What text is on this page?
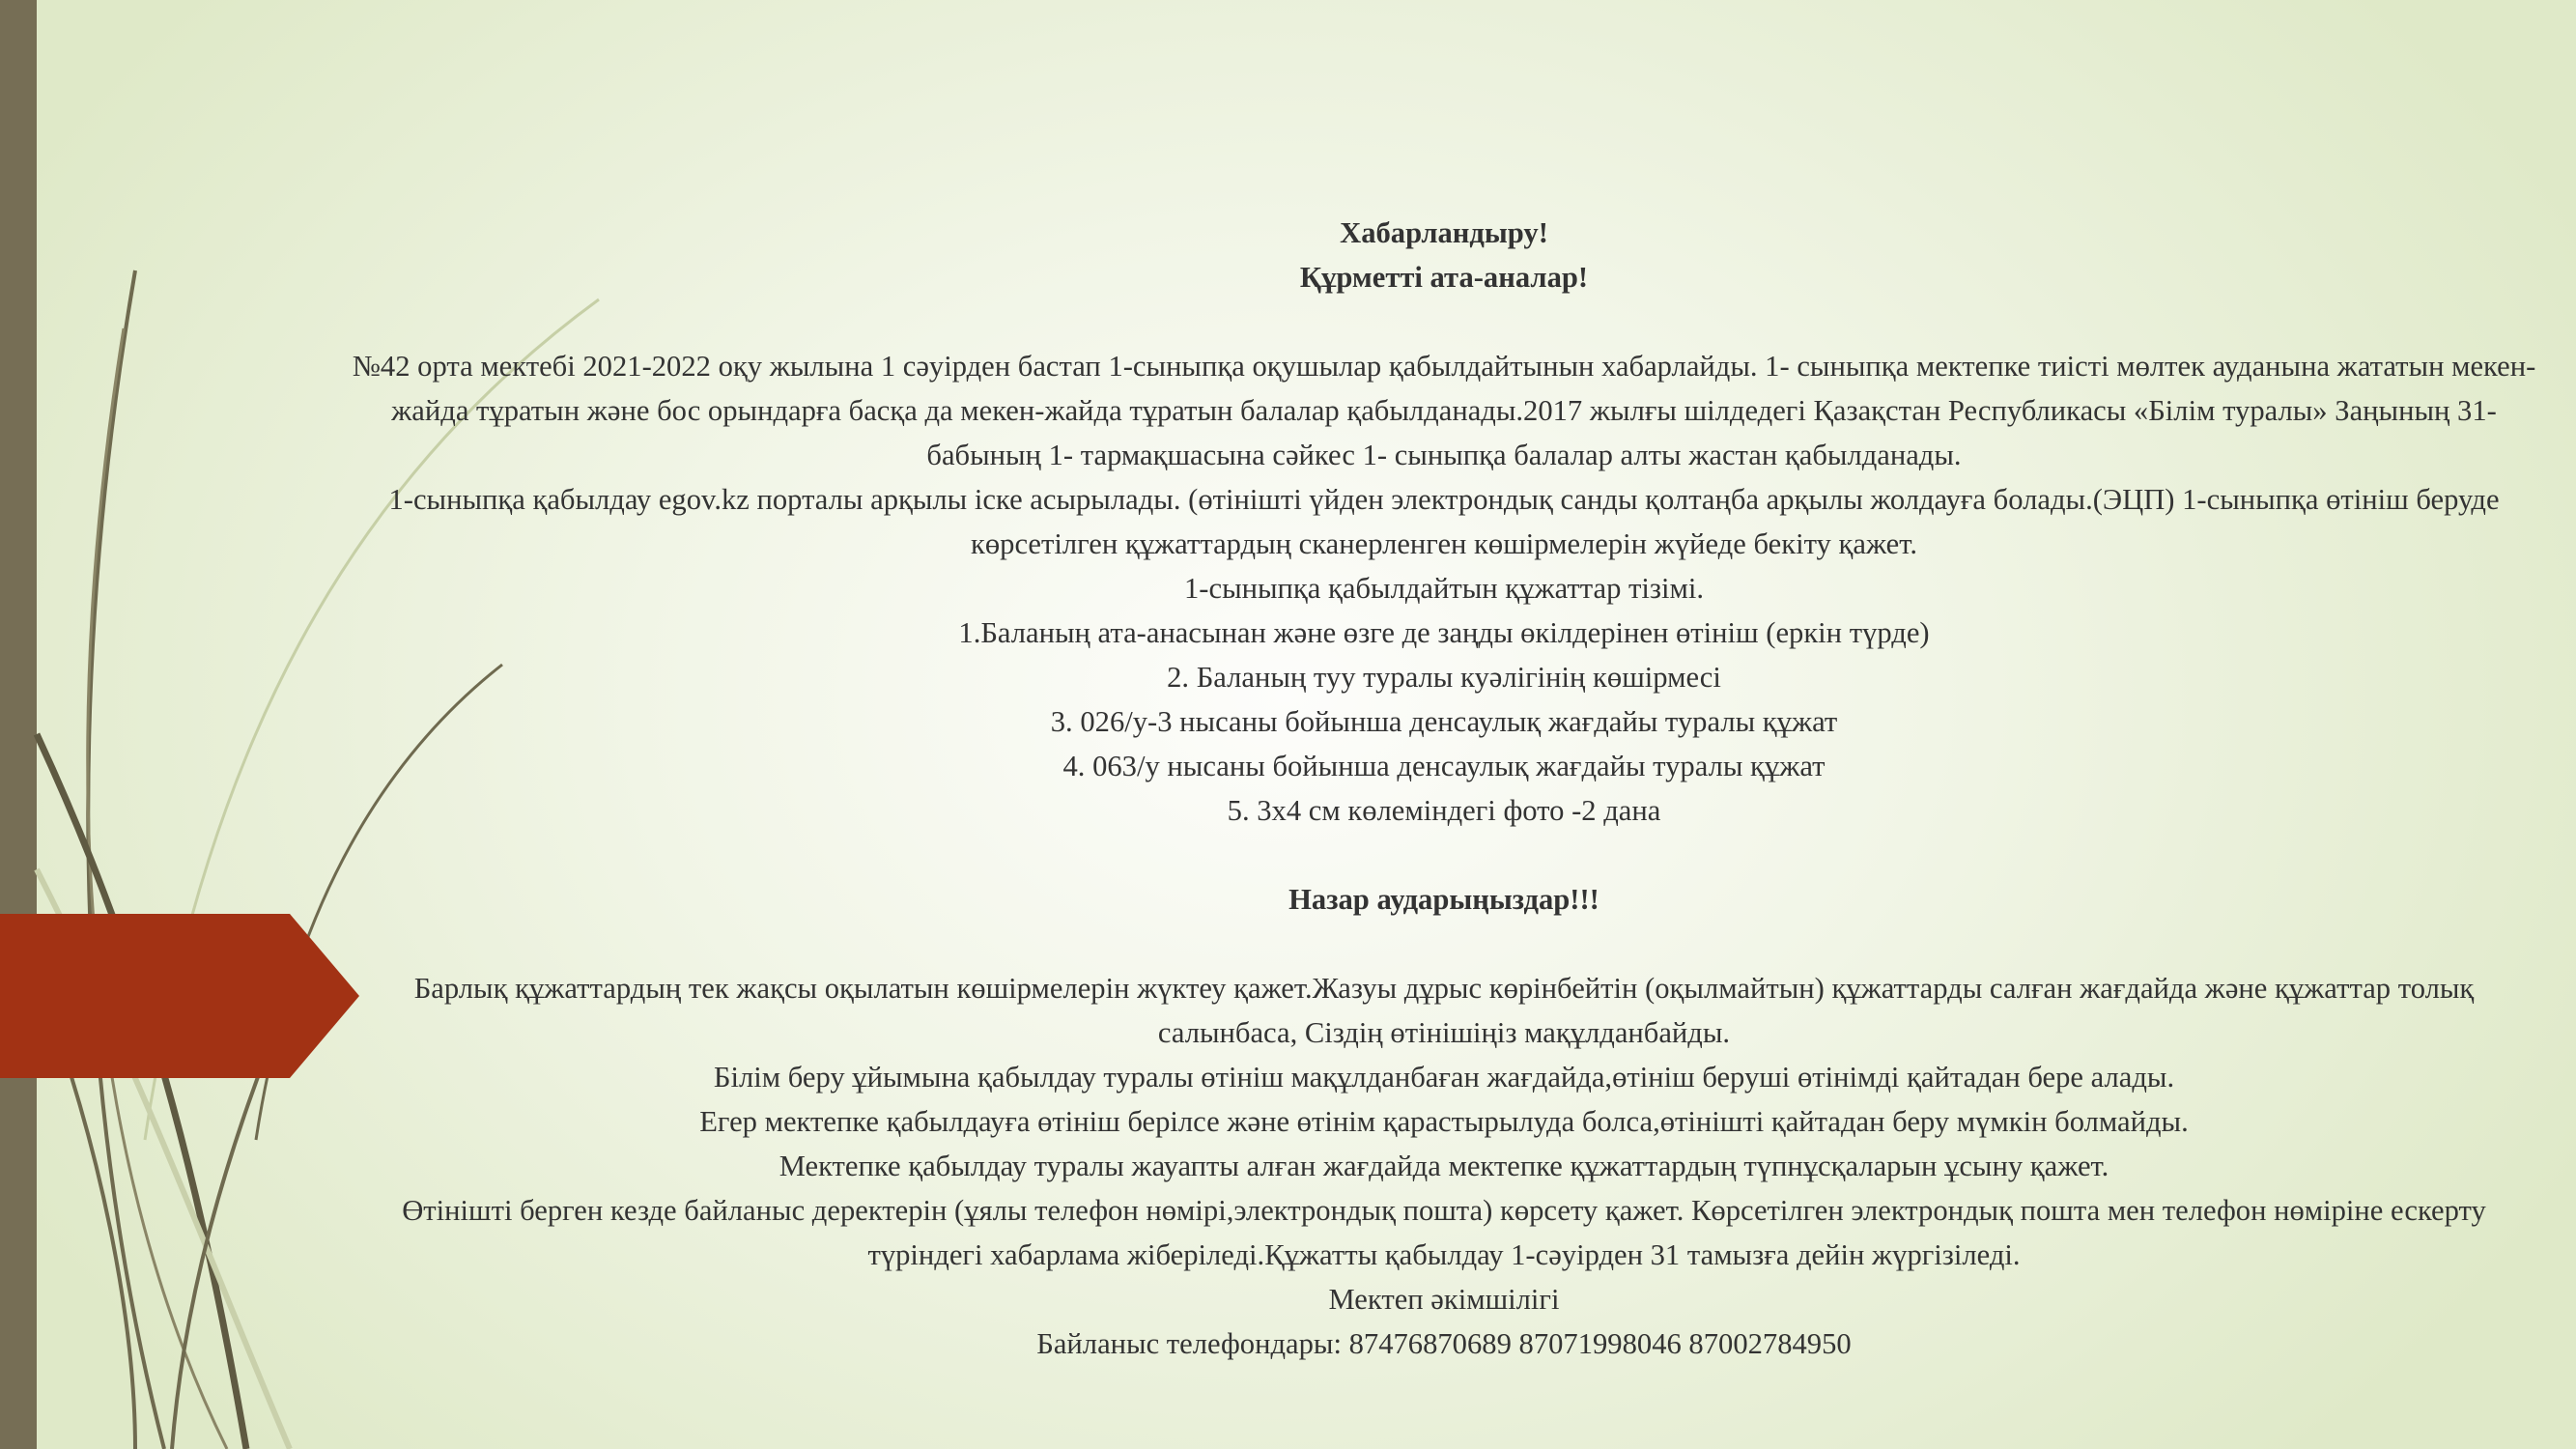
Хабарландыру!

Құрметті ата-аналар!

№42 орта мектебі 2021-2022 оқу жылына 1 сәуірден бастап 1-сыныпқа оқушылар қабылдайтынын хабарлайды. 1- сыныпқа мектепке тиісті мөлтек ауданына жататын мекен-жайда тұратын және бос орындарға басқа да мекен-жайда тұратын балалар қабылданады.2017 жылғы шілдедегі Қазақстан Республикасы «Білім туралы» Заңының 31-бабының 1- тармақшасына сәйкес 1- сыныпқа балалар алты жастан қабылданады.

1-сыныпқа қабылдау egov.kz порталы арқылы іске асырылады. (өтінішті үйден электрондық санды қолтаңба арқылы жолдауға болады.(ЭЦП) 1-сыныпқа өтініш беруде көрсетілген құжаттардың сканерленген көшірмелерін жүйеде бекіту қажет.

1-сыныпқа қабылдайтын құжаттар тізімі.

1.Баланың ата-анасынан және өзге де заңды өкілдерінен өтініш (еркін түрде)

2. Баланың туу туралы куәлігінің көшірмесі

3. 026/у-3 нысаны бойынша денсаулық жағдайы туралы құжат

4. 063/у нысаны бойынша денсаулық жағдайы туралы құжат

5. 3х4 см көлеміндегі фото -2 дана

Назар аударыңыздар!!!

Барлық құжаттардың тек жақсы оқылатын көшірмелерін жүктеу қажет.Жазуы дұрыс көрінбейтін (оқылмайтын) құжаттарды салған жағдайда және құжаттар толық салынбаса, Сіздің өтінішіңіз мақұлданбайды.

Білім беру ұйымына қабылдау туралы өтініш мақұлданбаған жағдайда,өтініш беруші өтінімді қайтадан бере алады.

Егер мектепке қабылдауға өтініш берілсе және өтінім қарастырылуда болса,өтінішті қайтадан беру мүмкін болмайды.

Мектепке қабылдау туралы жауапты алған жағдайда мектепке құжаттардың түпнұсқаларын ұсыну қажет.

Өтінішті берген кезде байланыс деректерін (ұялы телефон нөмірі,электрондық пошта) көрсету қажет. Көрсетілген электрондық пошта мен телефон нөміріне ескерту түріндегі хабарлама жіберіледі.Құжатты қабылдау 1-сәуірден 31 тамызға дейін жүргізіледі.

Мектеп әкімшілігі

Байланыс телефондары: 87476870689 87071998046 87002784950
